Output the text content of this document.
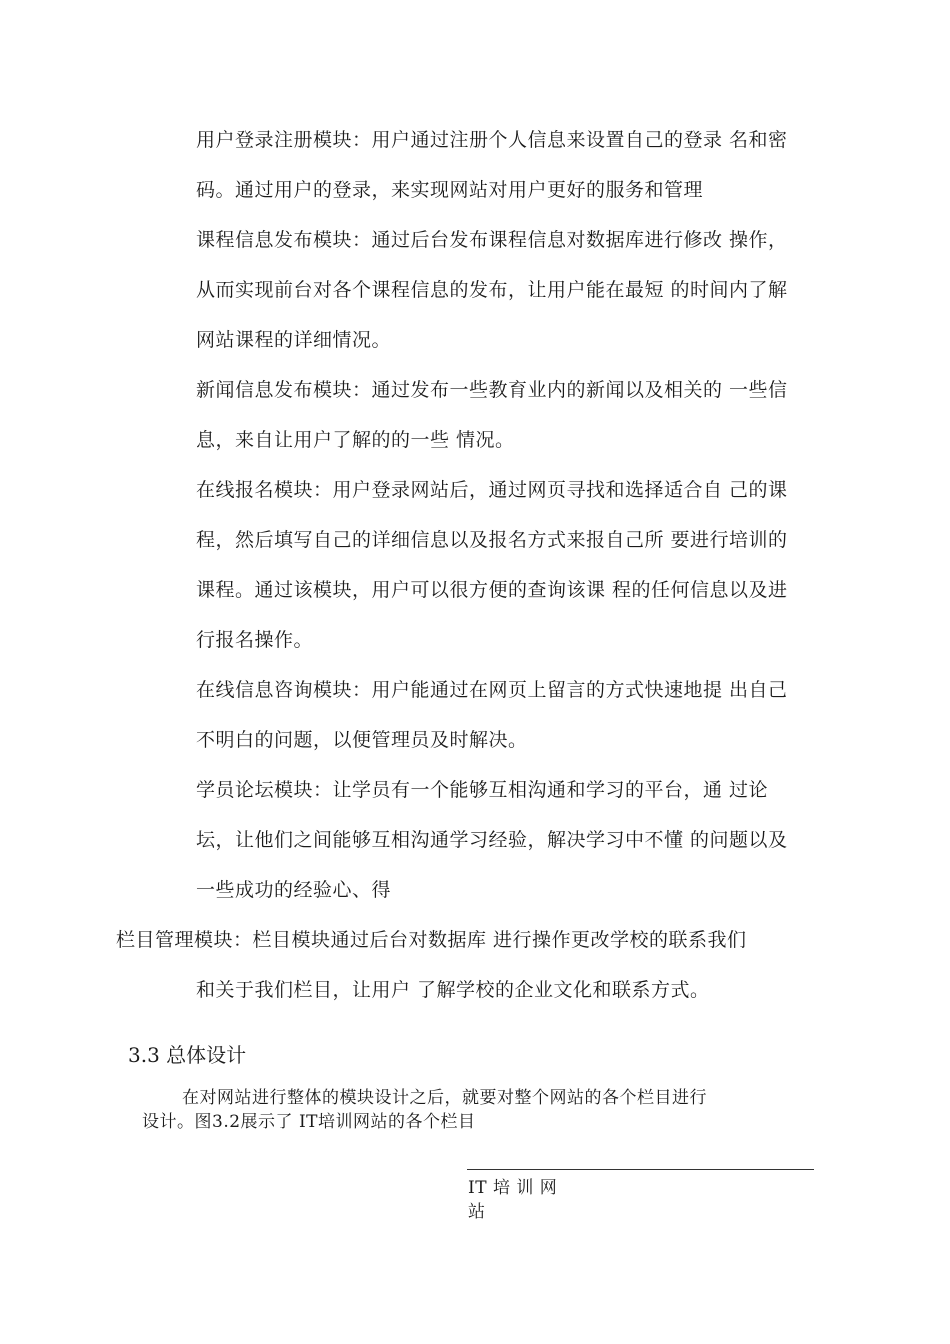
用户登录注册模块：用户通过注册个人信息来设置自己的登录 名和密
码。通过用户的登录，来实现网站对用户更好的服务和管理
课程信息发布模块：通过后台发布课程信息对数据库进行修改 操作，
从而实现前台对各个课程信息的发布，让用户能在最短 的时间内了解
网站课程的详细情况。
新闻信息发布模块：通过发布一些教育业内的新闻以及相关的 一些信
息，来自让用户了解的的一些 情况。
在线报名模块：用户登录网站后，通过网页寻找和选择适合自 己的课
程，然后填写自己的详细信息以及报名方式来报自己所 要进行培训的
课程。通过该模块，用户可以很方便的查询该课 程的任何信息以及进
行报名操作。
在线信息咨询模块：用户能通过在网页上留言的方式快速地提 出自己
不明白的问题，以便管理员及时解决。
学员论坛模块：让学员有一个能够互相沟通和学习的平台，通 过论
坛，让他们之间能够互相沟通学习经验，解决学习中不懂 的问题以及
一些成功的经验心、得
栏目管理模块：栏目模块通过后台对数据库 进行操作更改学校的联系我们
和关于我们栏目，让用户 了解学校的企业文化和联系方式。
3.3 总体设计
在对网站进行整体的模块设计之后，就要对整个网站的各个栏目进行
设计。图3.2展示了 IT培训网站的各个栏目
IT 培 训 网
站
